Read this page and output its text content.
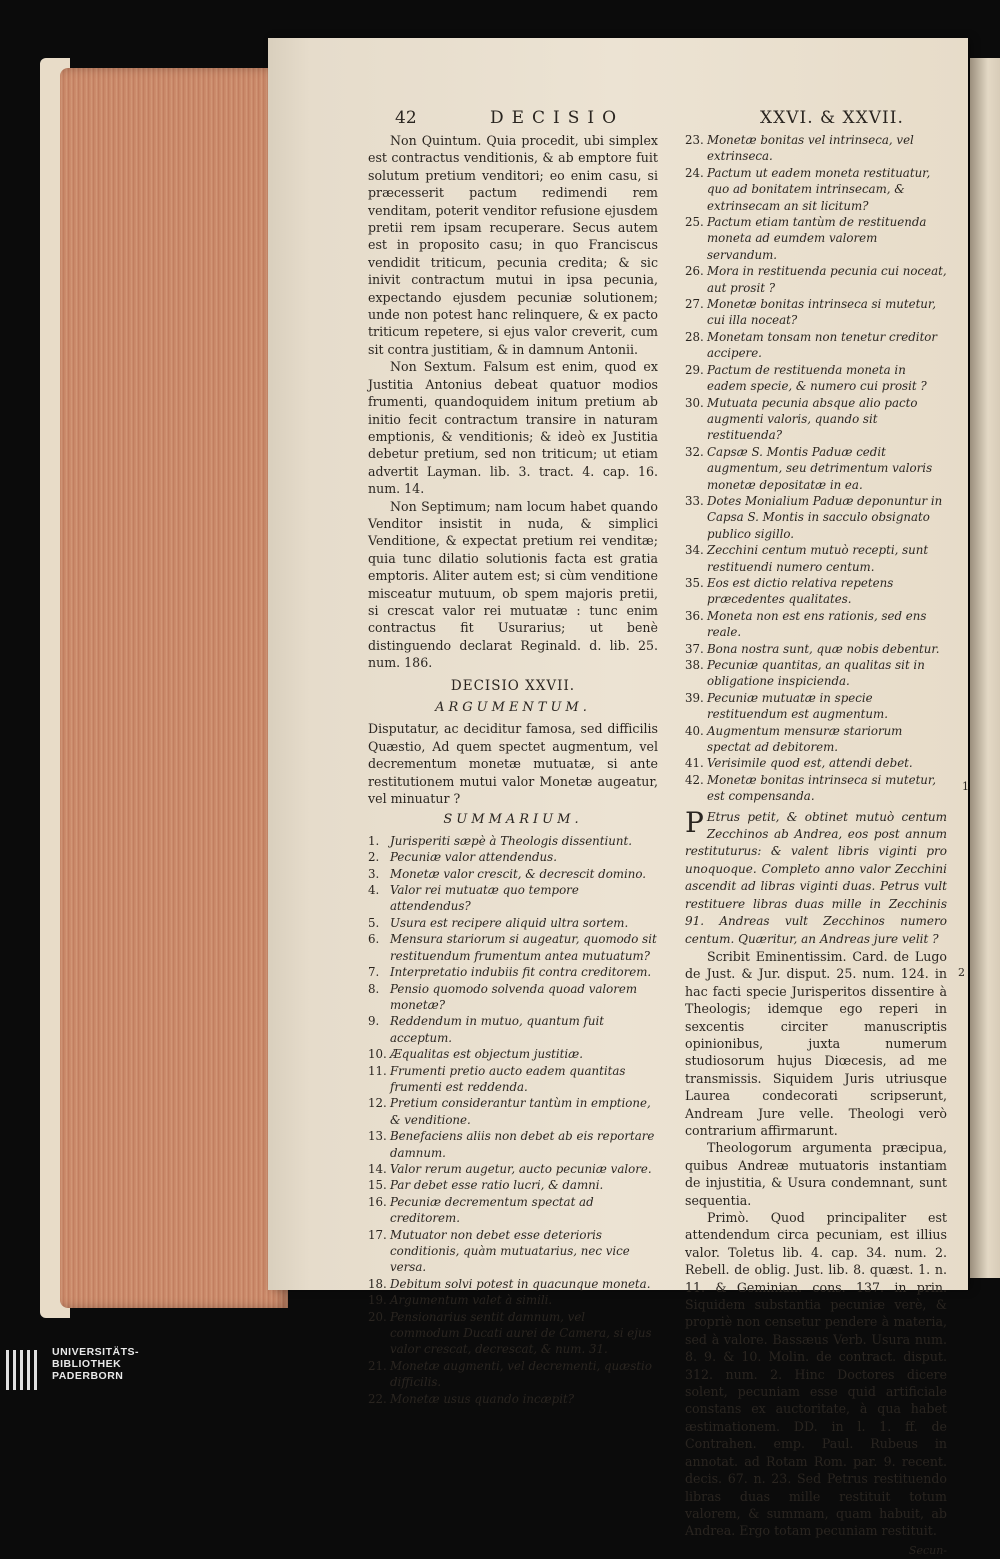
42	DECISIO	XXVI. & XXVII.

Non Quintum. Quia procedit, ubi simplex est contractus venditionis, & ab emptore fuit solutum pretium venditori; eo enim casu, si præcesserit pactum redimendi rem venditam, poterit venditor refusione ejusdem pretii rem ipsam recuperare. Secus autem est in proposito casu; in quo Franciscus vendidit triticum, pecunia credita; & sic inivit contractum mutui in ipsa pecunia, expectando ejusdem pecuniæ solutionem; unde non potest hanc relinquere, & ex pacto triticum repetere, si ejus valor creverit, cum sit contra justitiam, & in damnum Antonii.

Non Sextum. Falsum est enim, quod ex Justitia Antonius debeat quatuor modios frumenti, quandoquidem initum pretium ab initio fecit contractum transire in naturam emptionis, & venditionis; & ideò ex Justitia debetur pretium, sed non triticum; ut etiam advertit Layman. lib. 3. tract. 4. cap. 16. num. 14.

Non Septimum; nam locum habet quando Venditor insistit in nuda, & simplici Venditione, & expectat pretium rei venditæ; quia tunc dilatio solutionis facta est gratia emptoris. Aliter autem est; si cùm venditione misceatur mutuum, ob spem majoris pretii, si crescat valor rei mutuatæ : tunc enim contractus fit Usurarius; ut benè distinguendo declarat Reginald. d. lib. 25. num. 186.

DECISIO XXVII.
ARGUMENTUM.

Disputatur, ac deciditur famosa, sed difficilis Quæstio, Ad quem spectet augmentum, vel decrementum monetæ mutuatæ, si ante restitutionem mutui valor Monetæ augeatur, vel minuatur ?

SUMMARIUM.
1. Jurisperiti sæpè à Theologis dissentiunt.
2. Pecuniæ valor attendendus.
3. Monetæ valor crescit, & decrescit domino.
4. Valor rei mutuatæ quo tempore attendendus?
5. Usura est recipere aliquid ultra sortem.
6. Mensura stariorum si augeatur, quomodo sit restituendum frumentum antea mutuatum?
7. Interpretatio indubiis fit contra creditorem.
8. Pensio quomodo solvenda quoad valorem monetæ?
9. Reddendum in mutuo, quantum fuit acceptum.
10. Æqualitas est objectum justitiæ.
11. Frumenti pretio aucto eadem quantitas frumenti est reddenda.
12. Pretium considerantur tantùm in emptione, & venditione.
13. Benefaciens aliis non debet ab eis reportare damnum.
14. Valor rerum augetur, aucto pecuniæ valore.
15. Par debet esse ratio lucri, & damni.
16. Pecuniæ decrementum spectat ad creditorem.
17. Mutuator non debet esse deterioris conditionis, quàm mutuatarius, nec vice versa.
18. Debitum solvi potest in quacunque moneta.
19. Argumentum valet à simili.
20. Pensionarius sentit damnum, vel commodum Ducati aurei de Camera, si ejus valor crescat, decrescat, & num. 31.
21. Monetæ augmenti, vel decrementi, quæstio difficilis.
22. Monetæ usus quando incæpit?
23. Monetæ bonitas vel intrinseca, vel extrinseca.
24. Pactum ut eadem moneta restituatur, quo ad bonitatem intrinsecam, & extrinsecam an sit licitum?
25. Pactum etiam tantùm de restituenda moneta ad eumdem valorem servandum.
26. Mora in restituenda pecunia cui noceat, aut prosit ?
27. Monetæ bonitas intrinseca si mutetur, cui illa noceat?
28. Monetam tonsam non tenetur creditor accipere.
29. Pactum de restituenda moneta in eadem specie, & numero cui prosit ?
30. Mutuata pecunia absque alio pacto augmenti valoris, quando sit restituenda?
32. Capsæ S. Montis Paduæ cedit augmentum, seu detrimentum valoris monetæ depositatæ in ea.
33. Dotes Monialium Paduæ deponuntur in Capsa S. Montis in sacculo obsignato publico sigillo.
34. Zecchini centum mutuò recepti, sunt restituendi numero centum.
35. Eos est dictio relativa repetens præcedentes qualitates.
36. Moneta non est ens rationis, sed ens reale.
37. Bona nostra sunt, quæ nobis debentur.
38. Pecuniæ quantitas, an qualitas sit in obligatione inspicienda.
39. Pecuniæ mutuatæ in specie restituendum est augmentum.
40. Augmentum mensuræ stariorum spectat ad debitorem.
41. Verisimile quod est, attendi debet.
42. Monetæ bonitas intrinseca si mutetur, est compensanda.

P Etrus petit, & obtinet mutuò centum Zecchinos ab Andrea, eos post annum restituturus: & valent libris viginti pro unoquoque. Completo anno valor Zecchini ascendit ad libras viginti duas. Petrus vult restituere libras duas mille in Zecchinis 91. Andreas vult Zecchinos numero centum. Quæritur, an Andreas jure velit ?

Scribit Eminentissim. Card. de Lugo de Just. & Jur. disput. 25. num. 124. in hac facti specie Jurisperitos dissentire à Theologis; idemque ego reperi in sexcentis circiter manuscriptis opinionibus, juxta numerum studiosorum hujus Diœcesis, ad me transmissis. Siquidem Juris utriusque Laurea condecorati scripserunt, Andream Jure velle. Theologi verò contrarium affirmarunt.

Theologorum argumenta præcipua, quibus Andreæ mutuatoris instantiam de injustitia, & Usura condemnant, sunt sequentia.

Primò. Quod principaliter est attendendum circa pecuniam, est illius valor. Toletus lib. 4. cap. 34. num. 2. Rebell. de oblig. Just. lib. 8. quæst. 1. n. 11. & Geminian. cons. 137. in prin. Siquidem substantia pecuniæ verè, & propriè non censetur pendere à materia, sed à valore. Bassæus Verb. Usura num. 8. 9. & 10. Molin. de contract. disput. 312. num. 2. Hinc Doctores dicere solent, pecuniam esse quid artificiale constans ex auctoritate, à qua habet æstimationem. DD. in l. 1. ff. de Contrahen. emp. Paul. Rubeus in annotat. ad Rotam Rom. par. 9. recent. decis. 67. n. 23. Sed Petrus restituendo libras duas mille restituit totum valorem, & summam, quam habuit, ab Andrea. Ergo totam pecuniam restituit.

Secun-
1
2
UNIVERSITÄTS-
BIBLIOTHEK
PADERBORN
